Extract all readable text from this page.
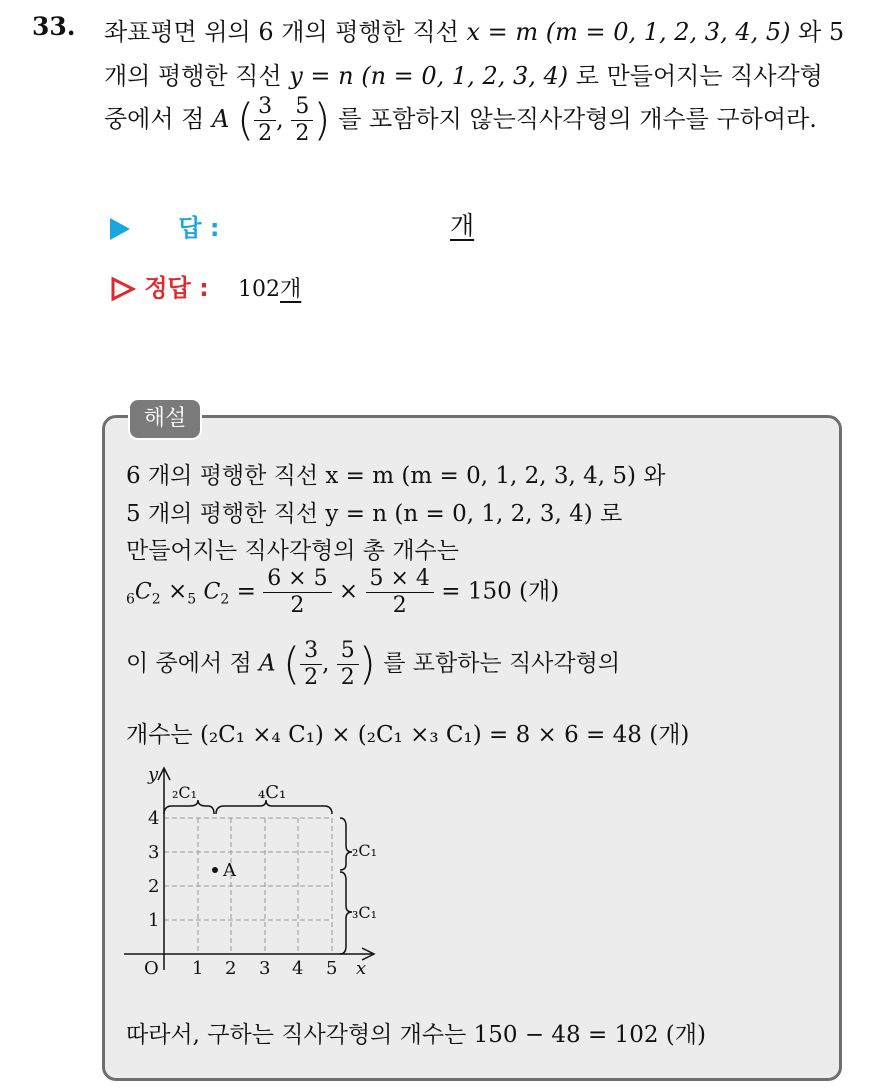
33. 좌표평면 위의 6 개의 평행한 직선 x = m (m = 0, 1, 2, 3, 4, 5) 와 5
개의 평행한 직선 y = n (n = 0, 1, 2, 3, 4) 로 만들어지는 직사각형
중에서 점 A ( $\frac{3}{2}$ , $\frac{5}{2}$ ) 를 포함하지 않는직사각형의 개수를 구하여라.
답 :	개
정답 : 102개
해설
6 개의 평행한 직선 x = m (m = 0, 1, 2, 3, 4, 5) 와
5 개의 평행한 직선 y = n (n = 0, 1, 2, 3, 4) 로
만들어지는 직사각형의 총 개수는
$_6C_2 \times_5$ $C_2 = \frac{6 \times 5}{2} \times \frac{5 \times 4}{2} = 150$ (개)
이 중에서 점 A ( $\frac{3}{2}$ , $\frac{5}{2}$ ) 를 포함하는 직사각형의
개수는 (₂C₁ ×₄ C₁) × (₂C₁ ×₃ C₁) = 8 × 6 = 48 (개)
y
x
O 1 2 3 4 5
1
2
3
4
A
₂C₁	₄C₁
₂C₁
₃C₁
따라서, 구하는 직사각형의 개수는 150 − 48 = 102 (개)
